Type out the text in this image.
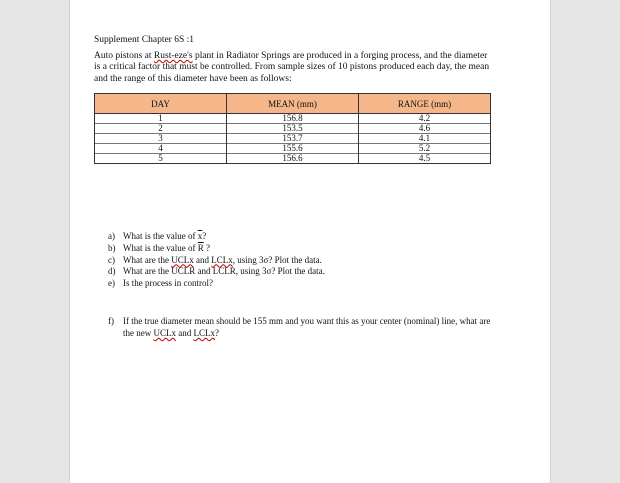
Supplement Chapter 6S :1
Auto pistons at Rust-eze's plant in Radiator Springs are produced in a forging process, and the diameter is a critical factor that must be controlled. From sample sizes of 10 pistons produced each day, the mean and the range of this diameter have been as follows:
DAY	MEAN (mm)	RANGE (mm)
1	156.8	4.2
2	153.5	4.6
3	153.7	4.1
4	155.6	5.2
5	156.6	4.5
a) What is the value of $\overline{x}$?
b) What is the value of $\overline{R}$ ?
c) What are the UCLx and LCLx, using 3σ? Plot the data.
d) What are the UCLR and LCLR, using 3σ? Plot the data.
e) Is the process in control?
f)	If the true diameter mean should be 155 mm and you want this as your center (nominal) line, what are the new UCLx and LCLx?
